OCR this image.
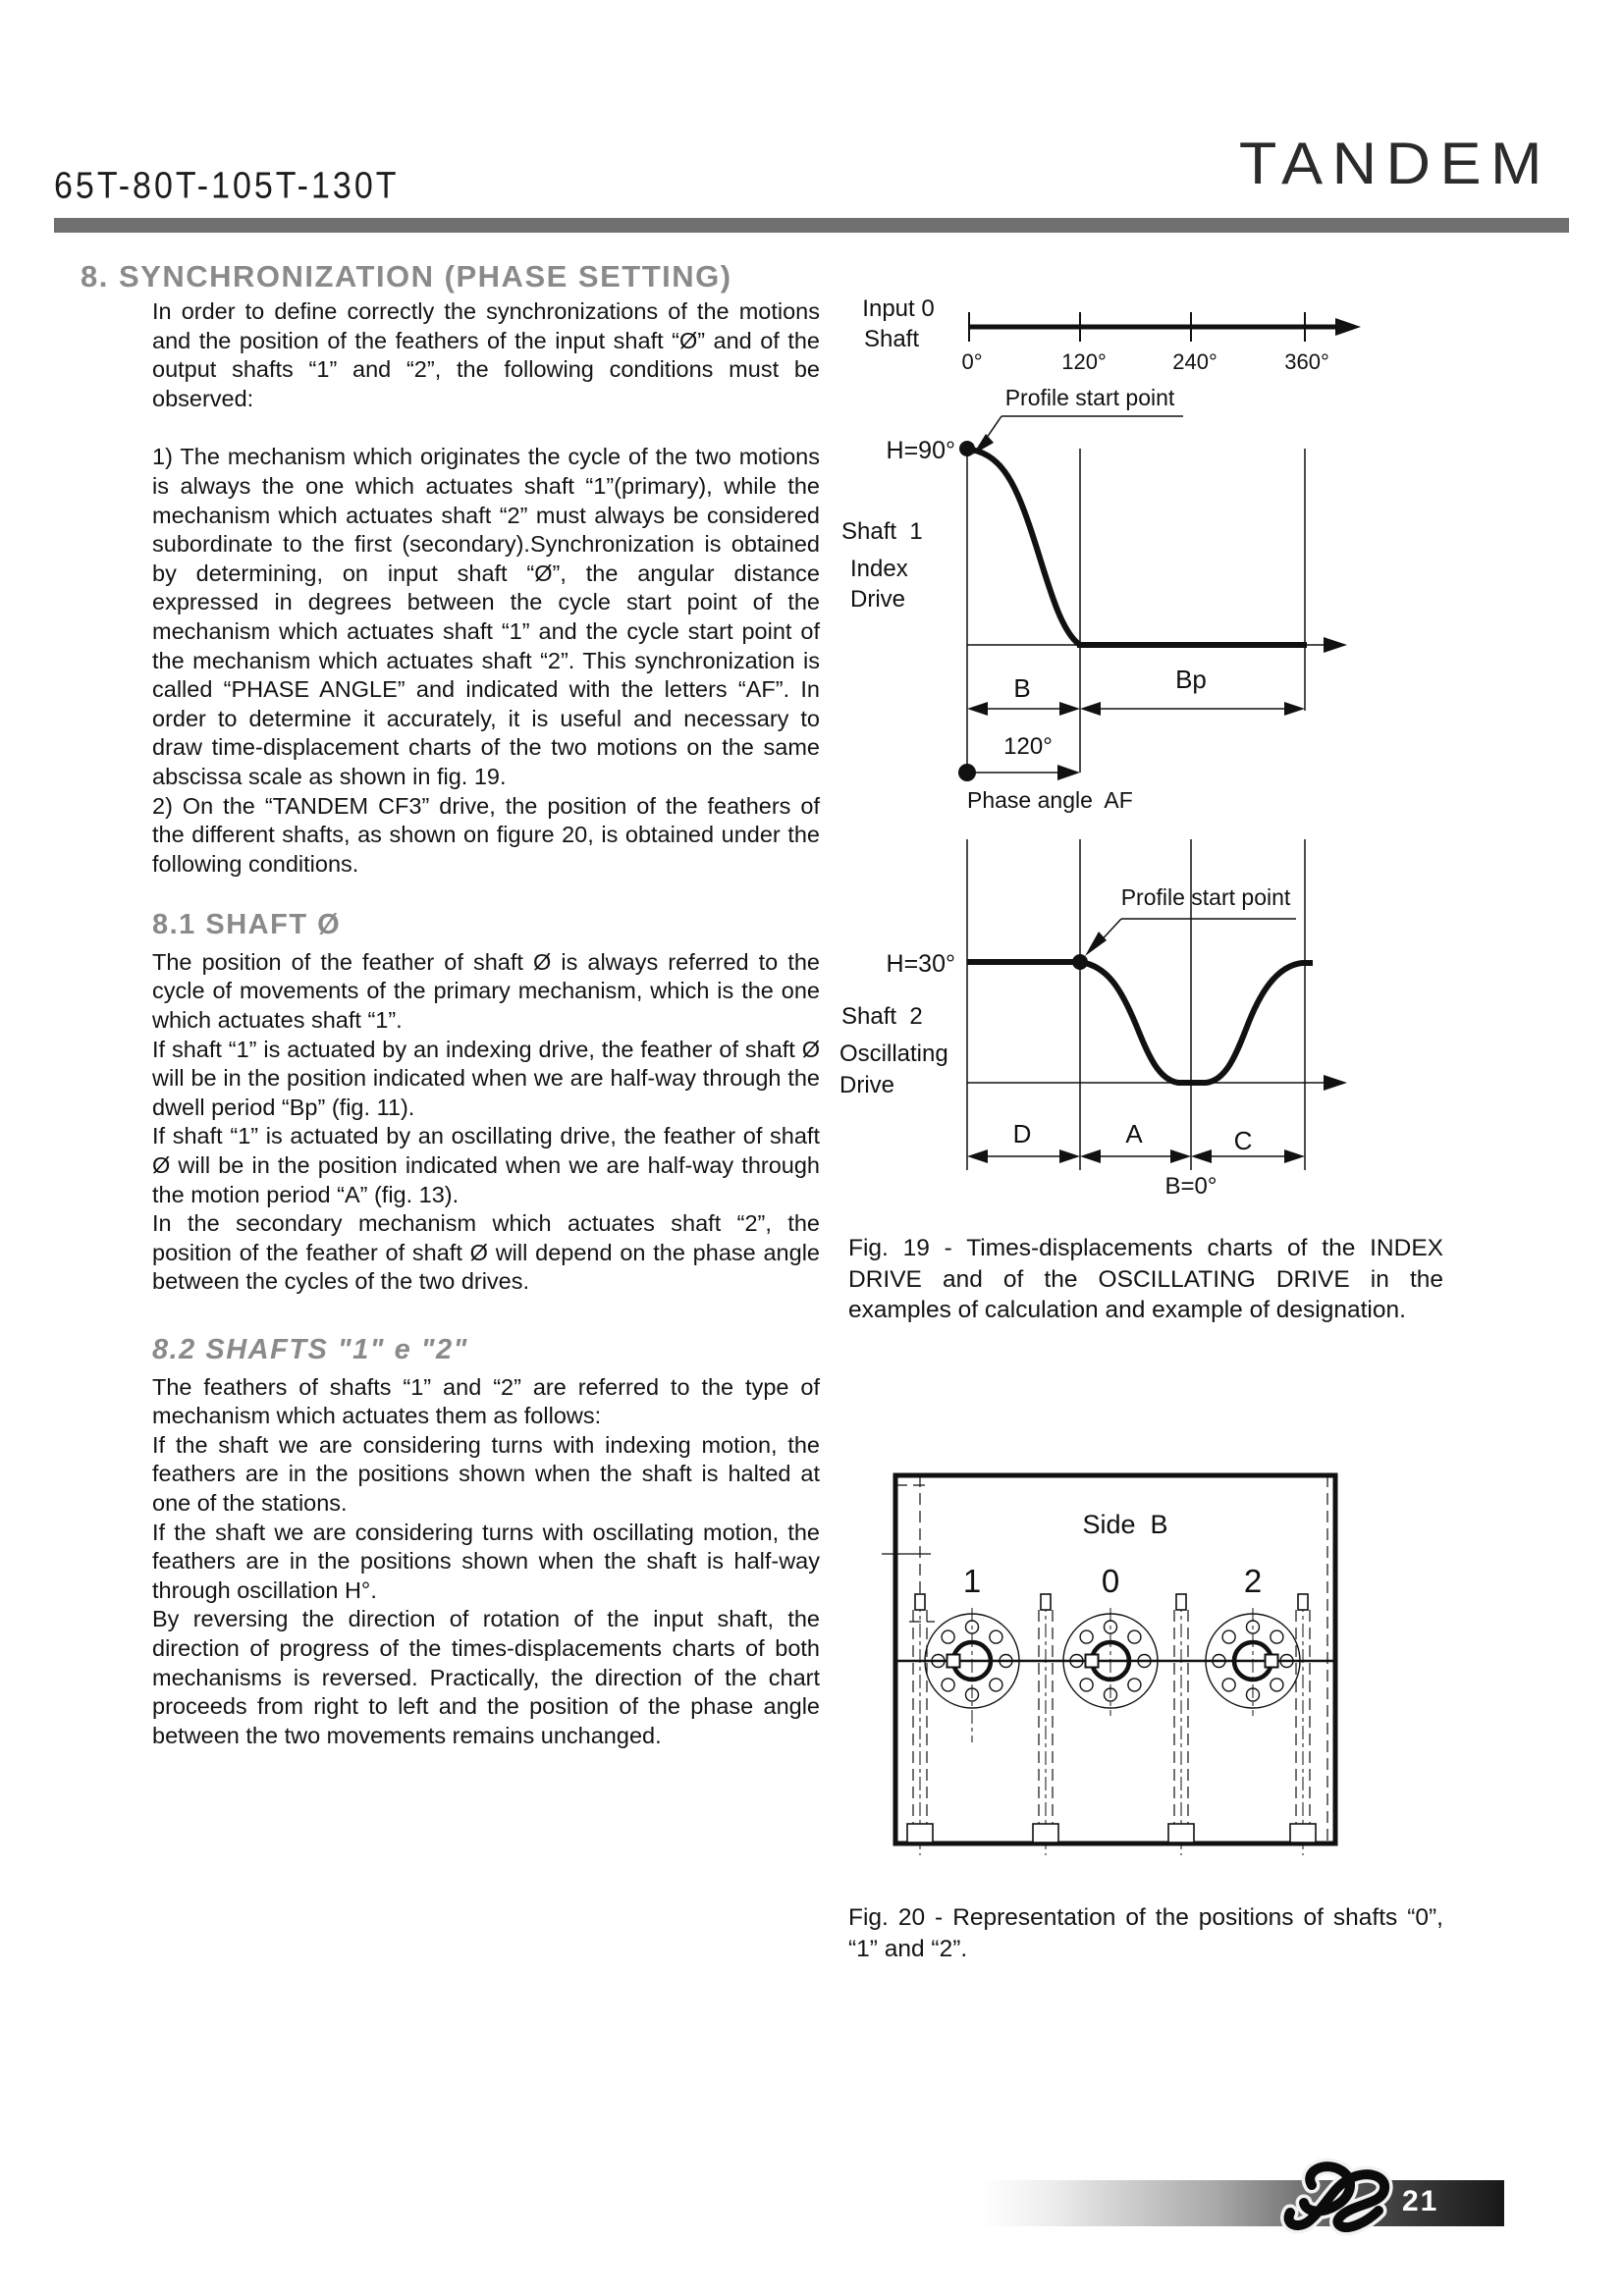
65T-80T-105T-130T	TANDEM
8. SYNCHRONIZATION (PHASE SETTING)

In order to define correctly the synchronizations of the motions and the position of the feathers of the input shaft “Ø” and of the output shafts “1” and “2”, the following conditions must be observed:

1) The mechanism which originates the cycle of the two motions is always the one which actuates shaft “1”(primary), while the mechanism which actuates shaft “2” must always be considered subordinate to the first (secondary).Synchronization is obtained by determining, on input shaft “Ø”, the angular distance expressed in degrees between the cycle start point of the mechanism which actuates shaft “1” and the cycle start point of the mechanism which actuates shaft “2”. This synchronization is called “PHASE ANGLE” and indicated with the letters “AF”. In order to determine it accurately, it is useful and necessary to draw time-displacement charts of the two motions on the same abscissa scale as shown in fig. 19.

2) On the “TANDEM CF3” drive, the position of the feathers of the different shafts, as shown on figure 20, is obtained under the following conditions.

8.1 SHAFT Ø

The position of the feather of shaft Ø is always referred to the cycle of movements of the primary mechanism, which is the one which actuates shaft “1”.

If shaft “1” is actuated by an indexing drive, the feather of shaft Ø will be in the position indicated when we are half-way through the dwell period “Bp” (fig. 11).

If shaft “1” is actuated by an oscillating drive, the feather of shaft Ø will be in the position indicated when we are half-way through the motion period “A” (fig. 13).

In the secondary mechanism which actuates shaft “2”, the position of the feather of shaft Ø will depend on the phase angle between the cycles of the two drives.

8.2 SHAFTS "1" e "2"

The feathers of shafts “1” and “2” are referred to the type of mechanism which actuates them as follows:

If the shaft we are considering turns with indexing motion, the feathers are in the positions shown when the shaft is halted at one of the stations.

If the shaft we are considering turns with oscillating motion, the feathers are in the positions shown when the shaft is half-way through oscillation H°.

By reversing the direction of rotation of the input shaft, the direction of progress of the times-displacements charts of both mechanisms is reversed. Practically, the direction of the chart proceeds from right to left and the position of the phase angle between the two movements remains unchanged.

Input 0
Shaft
0°	120°	240°	360°
Profile start point
H=90°
B	Bp
120°
Phase angle  AF
Shaft  1
Index
Drive
Profile start point
H=30°
D	A	C
B=0°
Shaft  2
Oscillating
Drive
Fig. 19 - Times-displacements charts of the INDEX DRIVE and of the OSCILLATING DRIVE in the examples of calculation and example of designation.
Side  B
1	0	2
Fig. 20 - Representation of the positions of shafts “0”, “1” and “2”.
21
